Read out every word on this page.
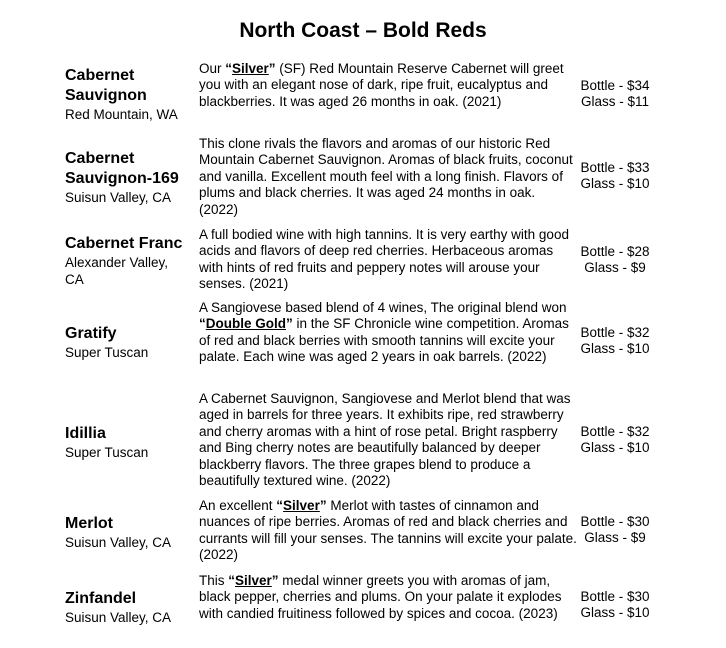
North Coast – Bold Reds
Cabernet
Sauvignon
Red Mountain, WA
Our “Silver” (SF) Red Mountain Reserve Cabernet will greet you with an elegant nose of dark, ripe fruit, eucalyptus and blackberries. It was aged 26 months in oak. (2021)
Bottle - $34
Glass - $11
Cabernet
Sauvignon-169
Suisun Valley, CA
This clone rivals the flavors and aromas of our historic Red Mountain Cabernet Sauvignon. Aromas of black fruits, coconut and vanilla. Excellent mouth feel with a long finish. Flavors of plums and black cherries. It was aged 24 months in oak. (2022)
Bottle - $33
Glass - $10
Cabernet Franc
Alexander Valley,
CA
A full bodied wine with high tannins. It is very earthy with good acids and flavors of deep red cherries. Herbaceous aromas with hints of red fruits and peppery notes will arouse your senses. (2021)
Bottle - $28
Glass - $9
Gratify
Super Tuscan
A Sangiovese based blend of 4 wines, The original blend won “Double Gold” in the SF Chronicle wine competition. Aromas of red and black berries with smooth tannins will excite your palate. Each wine was aged 2 years in oak barrels. (2022)
Bottle - $32
Glass - $10
Idillia
Super Tuscan
A Cabernet Sauvignon, Sangiovese and Merlot blend that was aged in barrels for three years. It exhibits ripe, red strawberry and cherry aromas with a hint of rose petal. Bright raspberry and Bing cherry notes are beautifully balanced by deeper blackberry flavors. The three grapes blend to produce a beautifully textured wine. (2022)
Bottle - $32
Glass - $10
Merlot
Suisun Valley, CA
An excellent “Silver” Merlot with tastes of cinnamon and nuances of ripe berries. Aromas of red and black cherries and currants will fill your senses. The tannins will excite your palate. (2022)
Bottle - $30
Glass - $9
Zinfandel
Suisun Valley, CA
This “Silver” medal winner greets you with aromas of jam, black pepper, cherries and plums. On your palate it explodes with candied fruitiness followed by spices and cocoa. (2023)
Bottle - $30
Glass - $10
